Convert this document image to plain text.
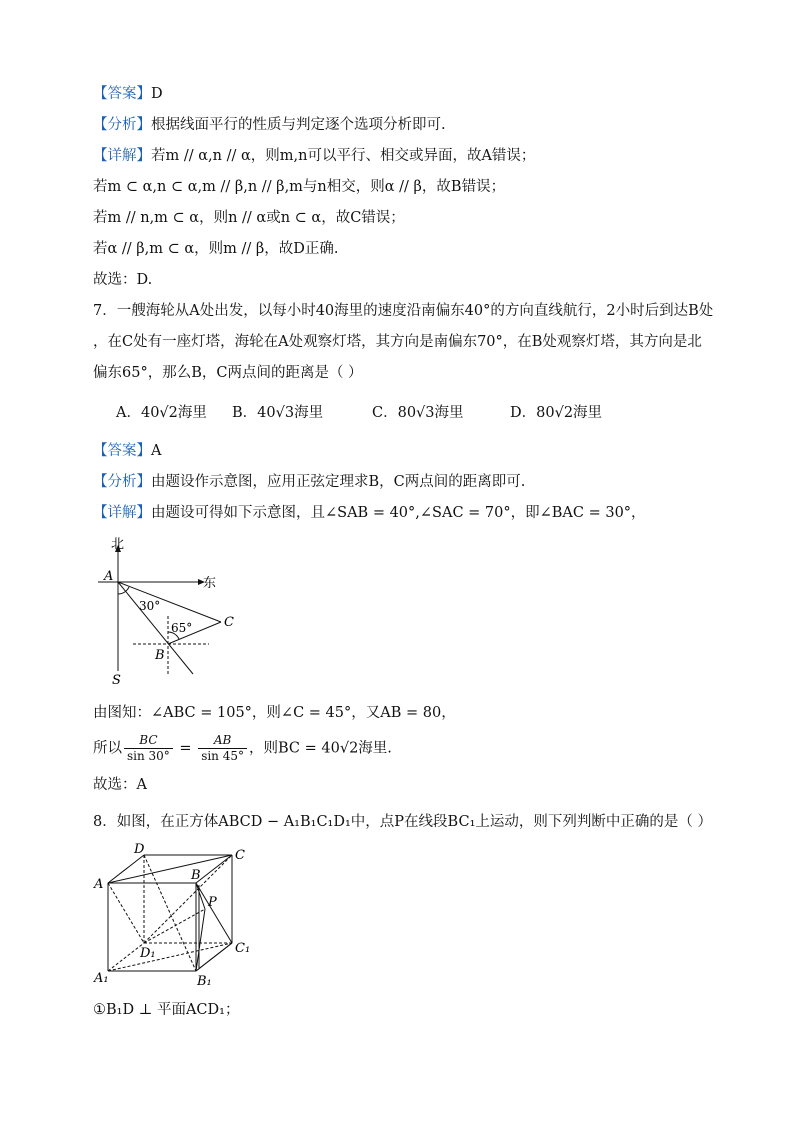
【答案】D
【分析】根据线面平行的性质与判定逐个选项分析即可.
【详解】若m // α,n // α，则m,n可以平行、相交或异面，故A错误；
若m ⊂ α,n ⊂ α,m // β,n // β,m与n相交，则α // β，故B错误；
若m // n,m ⊂ α，则n // α或n ⊂ α，故C错误；
若α // β,m ⊂ α，则m // β，故D正确.
故选：D.
7．一艘海轮从A处出发，以每小时40海里的速度沿南偏东40°的方向直线航行，2小时后到达B处
，在C处有一座灯塔，海轮在A处观察灯塔，其方向是南偏东70°，在B处观察灯塔，其方向是北
偏东65°，那么B，C两点间的距离是（ ）
A．40√2海里 B．40√3海里	C．80√3海里	D．80√2海里
【答案】A
【分析】由题设作示意图，应用正弦定理求B，C两点间的距离即可.
【详解】由题设可得如下示意图，且∠SAB = 40°,∠SAC = 70°，即∠BAC = 30°，
北
东
A
B
C
S
30°
65°
由图知：∠ABC = 105°，则∠C = 45°，又AB = 80，
所以 $\frac{BC}{\sin 30^\circ} = \frac{AB}{\sin 45^\circ}$ ，则BC = 40√2海里.
故选：A
8．如图，在正方体ABCD − A₁B₁C₁D₁中，点P在线段BC₁上运动，则下列判断中正确的是（ ）
A
B
C
D
A₁	B₁
C₁
D₁
P
①B₁D ⊥ 平面ACD₁；
